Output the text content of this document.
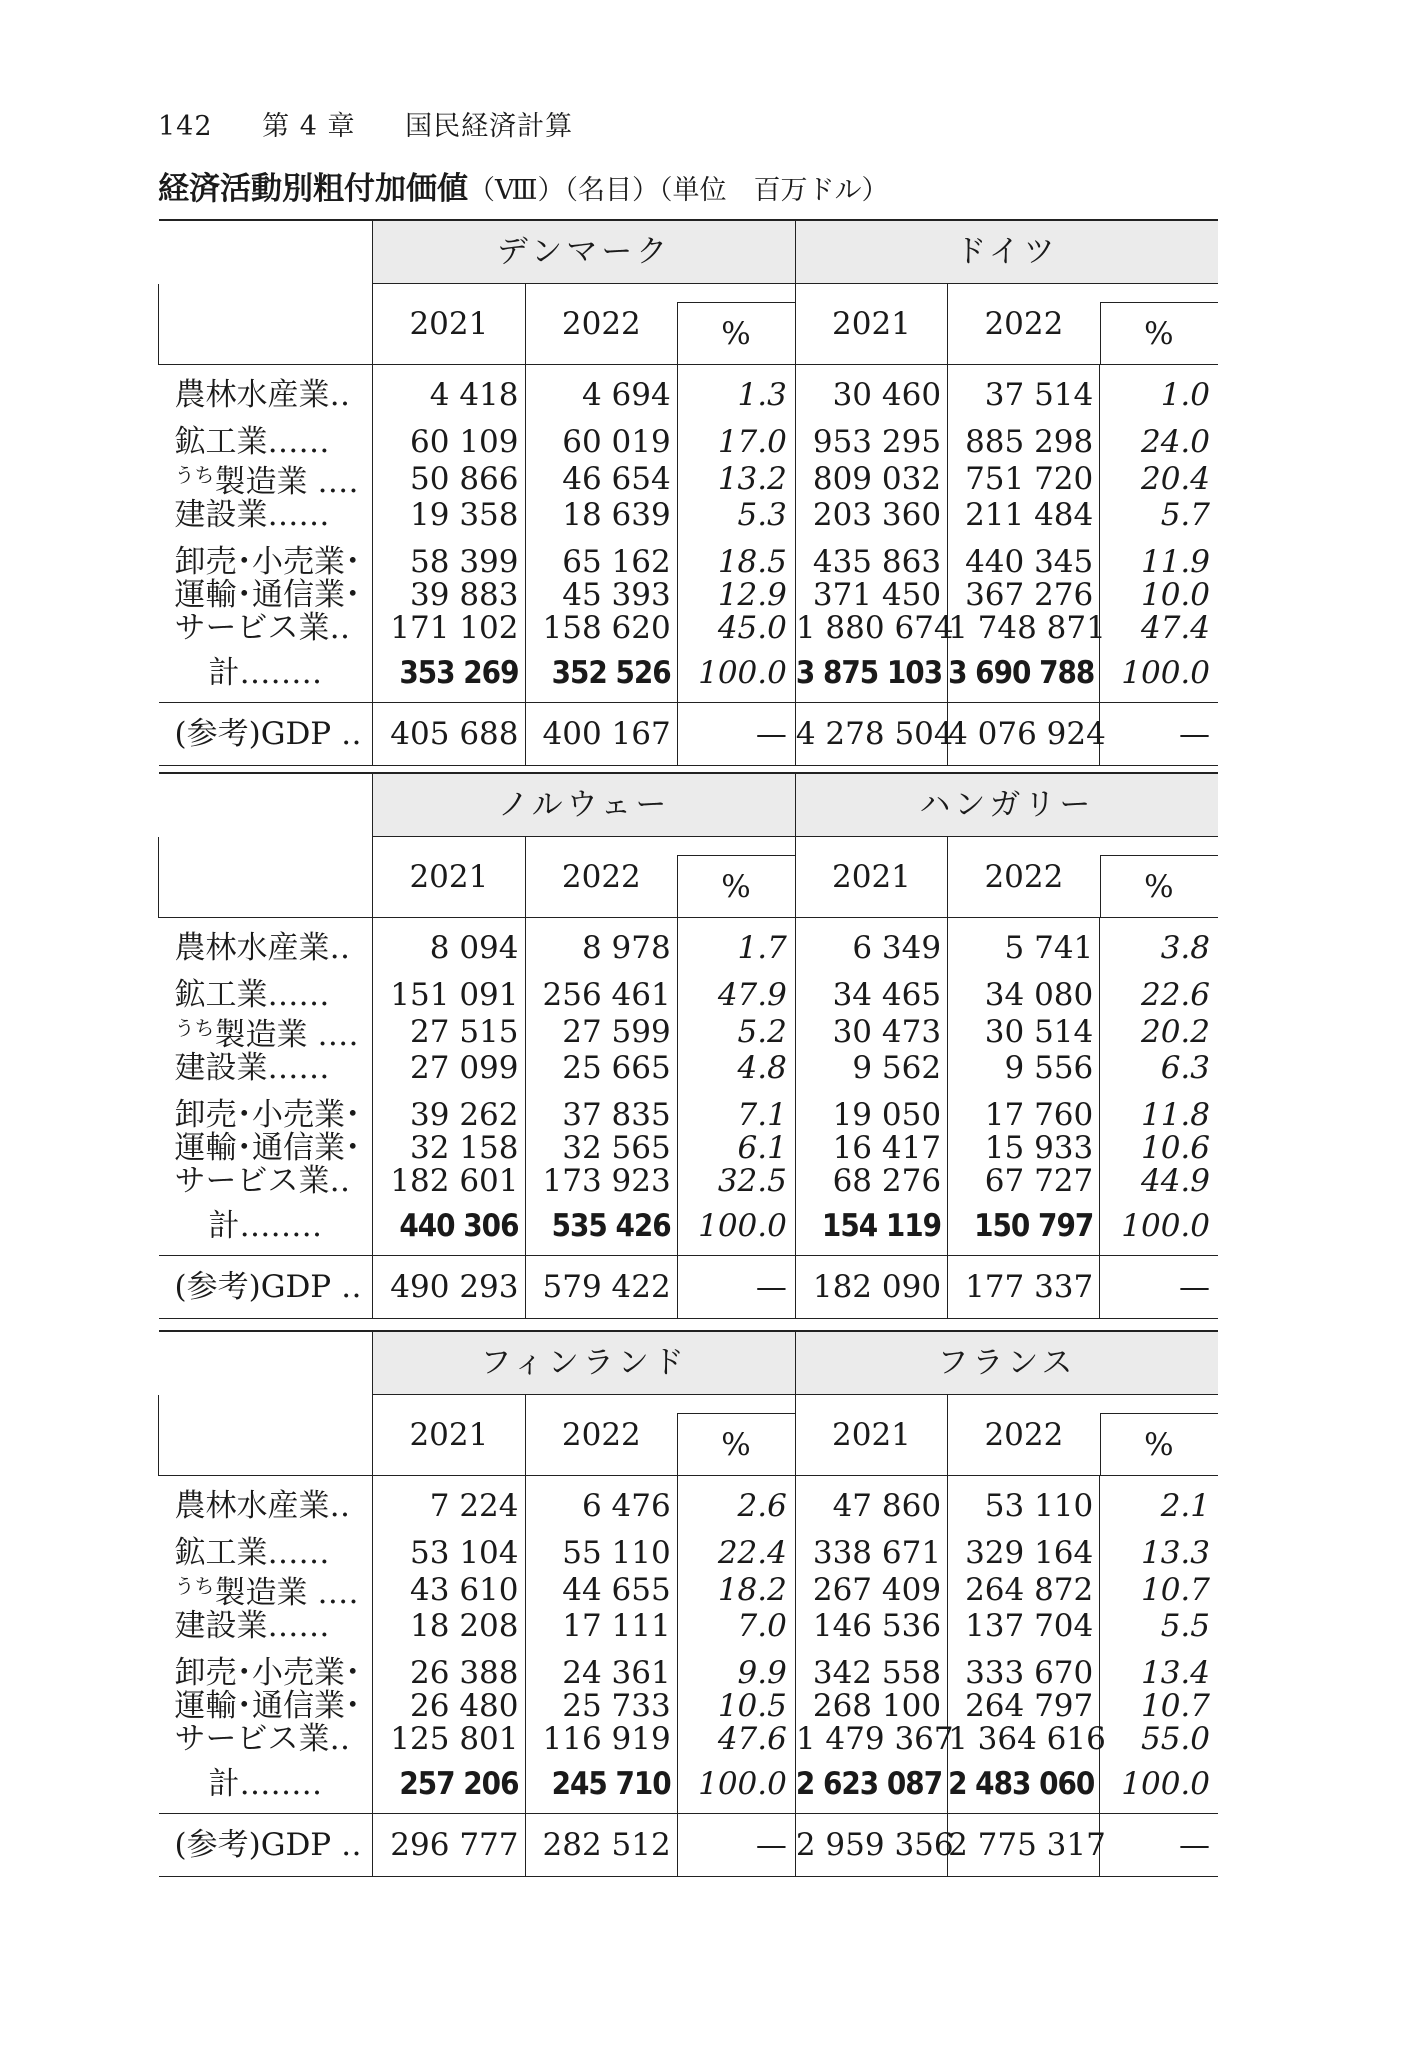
142 第 4 章 国民経済計算
経済活動別粗付加価値（Ⅷ）（名目）（単位　百万ドル）

	デンマーク			ドイツ		
	2021	2022	%	2021	2022	%
農林水産業‥	4 418	4 694	1.3	30 460	37 514	1.0

鉱工業‥‥‥	60 109	60 019	17.0	953 295	885 298	24.0
$^{うち}$製造業 ‥‥	50 866	46 654	13.2	809 032	751 720	20.4
建設業‥‥‥	19 358	18 639	5.3	203 360	211 484	5.7

卸売･小売業･	58 399	65 162	18.5	435 863	440 345	11.9
運輸･通信業･	39 883	45 393	12.9	371 450	367 276	10.0
サービス業‥	171 102	158 620	45.0	1 880 674	1 748 871	47.4
計‥‥‥‥	353 269	352 526	100.0	3 875 103	3 690 788	100.0
(参考)GDP ‥	405 688	400 167	—	4 278 504	4 076 924	—

	ノルウェー			ハンガリー		
	2021	2022	%	2021	2022	%
農林水産業‥	8 094	8 978	1.7	6 349	5 741	3.8

鉱工業‥‥‥	151 091	256 461	47.9	34 465	34 080	22.6
$^{うち}$製造業 ‥‥	27 515	27 599	5.2	30 473	30 514	20.2
建設業‥‥‥	27 099	25 665	4.8	9 562	9 556	6.3

卸売･小売業･	39 262	37 835	7.1	19 050	17 760	11.8
運輸･通信業･	32 158	32 565	6.1	16 417	15 933	10.6
サービス業‥	182 601	173 923	32.5	68 276	67 727	44.9
計‥‥‥‥	440 306	535 426	100.0	154 119	150 797	100.0
(参考)GDP ‥	490 293	579 422	—	182 090	177 337	—

	フィンランド			フランス		
	2021	2022	%	2021	2022	%
農林水産業‥	7 224	6 476	2.6	47 860	53 110	2.1

鉱工業‥‥‥	53 104	55 110	22.4	338 671	329 164	13.3
$^{うち}$製造業 ‥‥	43 610	44 655	18.2	267 409	264 872	10.7
建設業‥‥‥	18 208	17 111	7.0	146 536	137 704	5.5

卸売･小売業･	26 388	24 361	9.9	342 558	333 670	13.4
運輸･通信業･	26 480	25 733	10.5	268 100	264 797	10.7
サービス業‥	125 801	116 919	47.6	1 479 367	1 364 616	55.0
計‥‥‥‥	257 206	245 710	100.0	2 623 087	2 483 060	100.0
(参考)GDP ‥	296 777	282 512	—	2 959 356	2 775 317	—
